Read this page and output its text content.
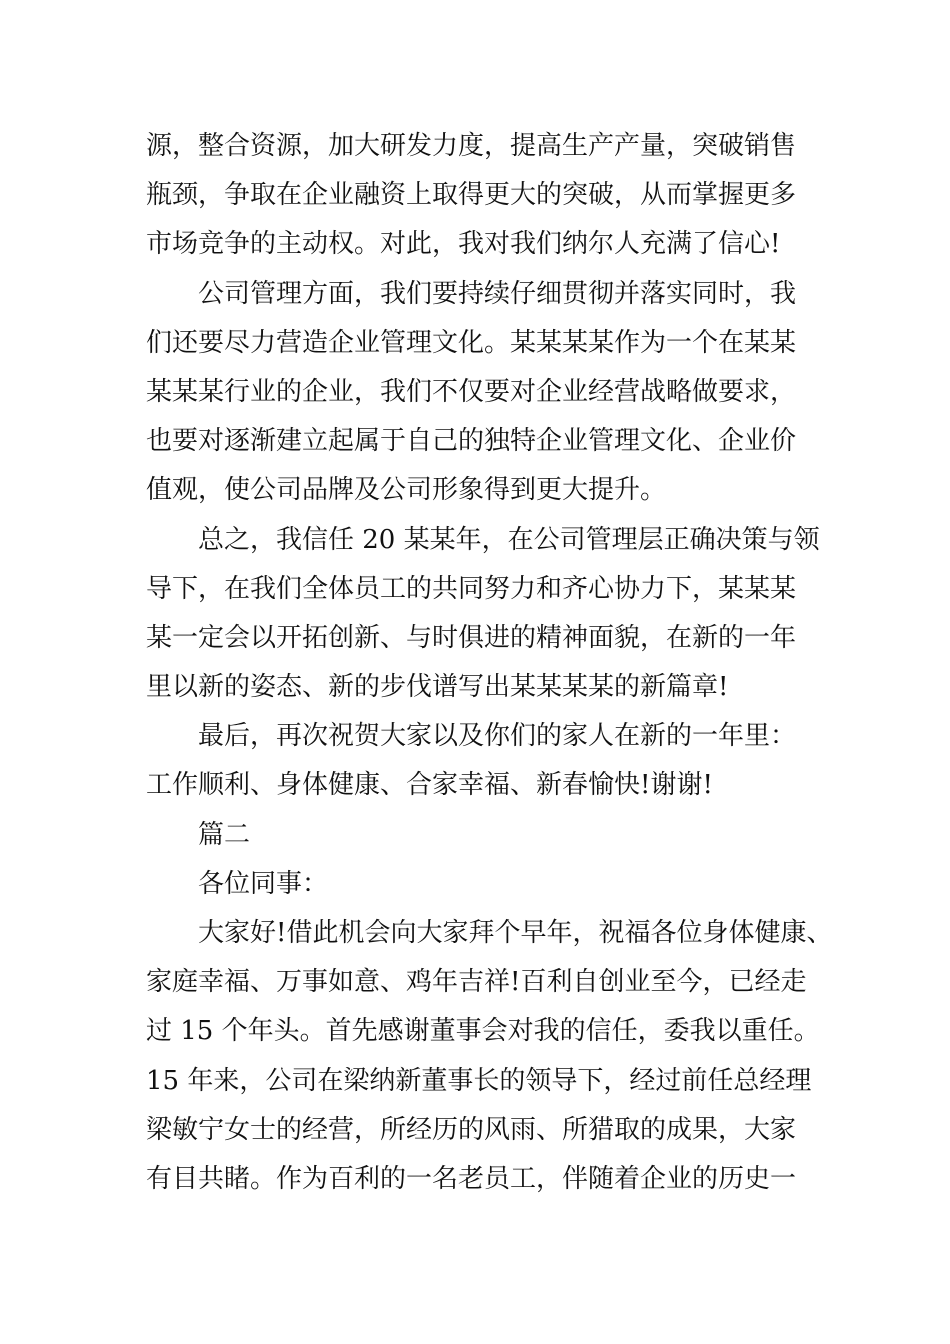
源，整合资源，加大研发力度，提高生产产量，突破销售
瓶颈，争取在企业融资上取得更大的突破，从而掌握更多
市场竞争的主动权。对此，我对我们纳尔人充满了信心!
公司管理方面，我们要持续仔细贯彻并落实同时，我
们还要尽力营造企业管理文化。某某某某作为一个在某某
某某某行业的企业，我们不仅要对企业经营战略做要求，
也要对逐渐建立起属于自己的独特企业管理文化、企业价
值观，使公司品牌及公司形象得到更大提升。
总之，我信任 20 某某年，在公司管理层正确决策与领
导下，在我们全体员工的共同努力和齐心协力下，某某某
某一定会以开拓创新、与时俱进的精神面貌，在新的一年
里以新的姿态、新的步伐谱写出某某某某的新篇章!
最后，再次祝贺大家以及你们的家人在新的一年里：
工作顺利、身体健康、合家幸福、新春愉快!谢谢!
篇二
各位同事：
大家好!借此机会向大家拜个早年，祝福各位身体健康、
家庭幸福、万事如意、鸡年吉祥!百利自创业至今，已经走
过 15 个年头。首先感谢董事会对我的信任，委我以重任。
15 年来，公司在梁纳新董事长的领导下，经过前任总经理
梁敏宁女士的经营，所经历的风雨、所猎取的成果，大家
有目共睹。作为百利的一名老员工，伴随着企业的历史一
